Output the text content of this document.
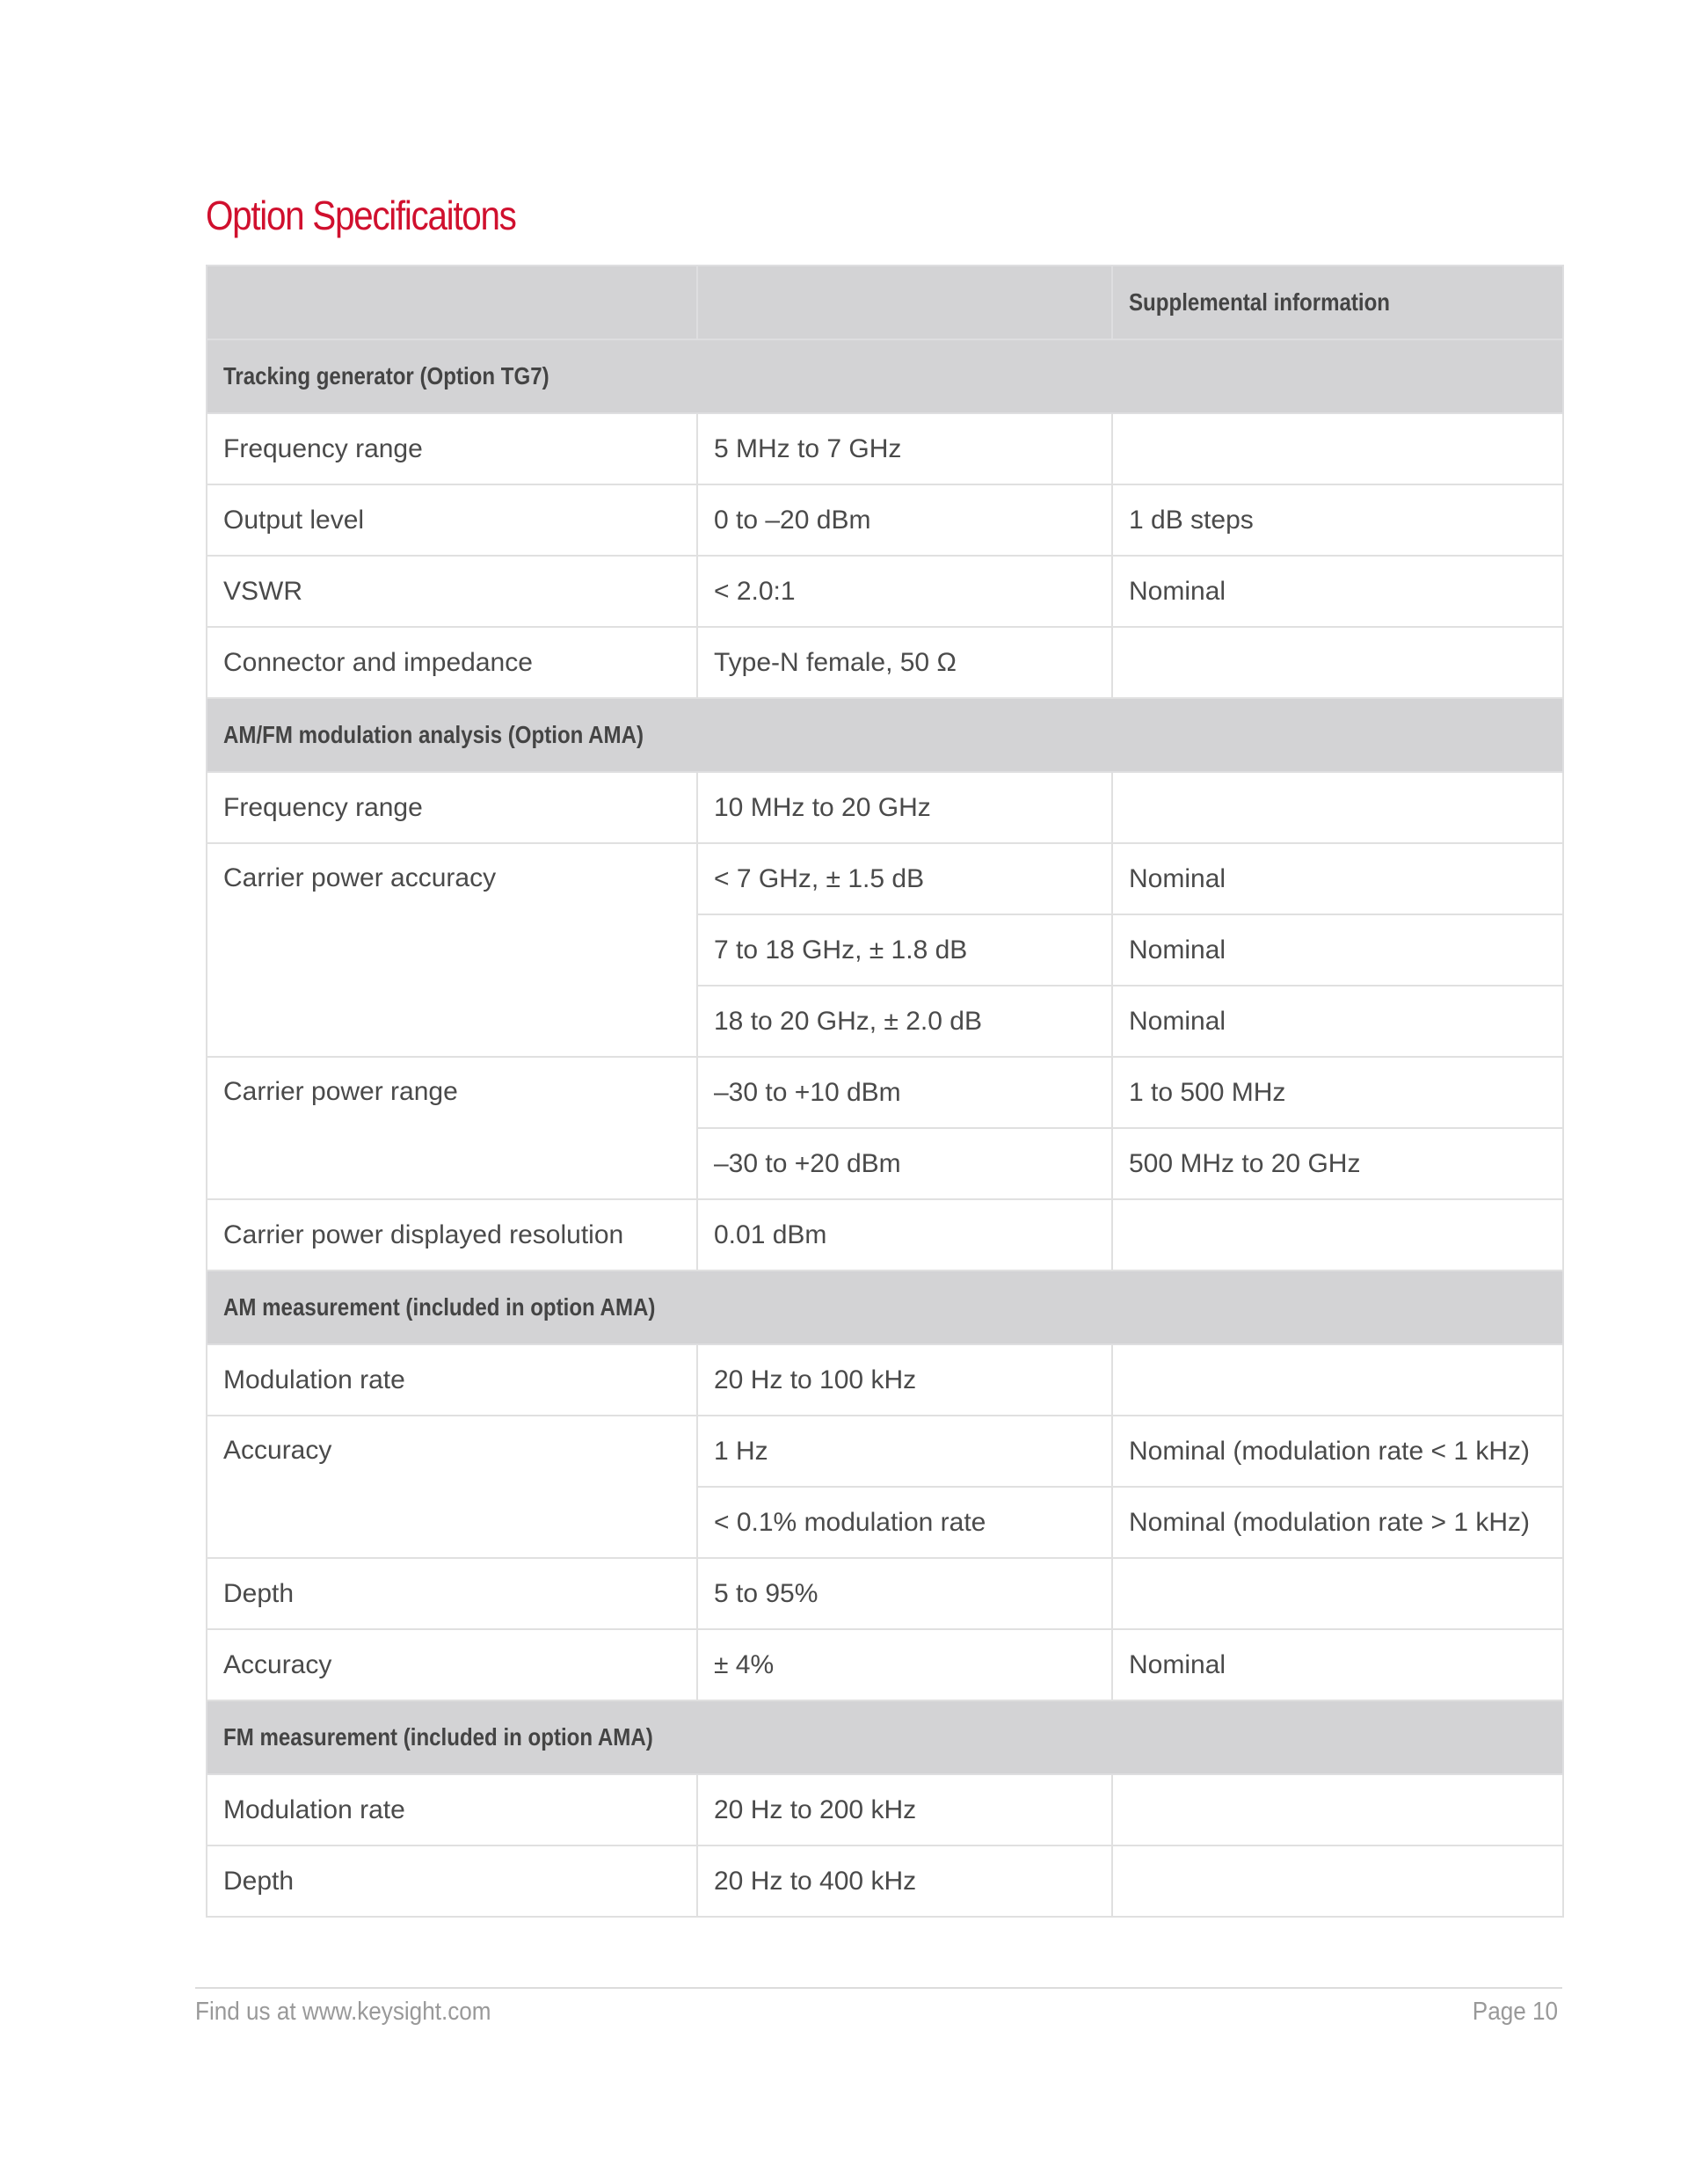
Option Specificaitons
		Supplemental information
Tracking generator (Option TG7)		
Frequency range	5 MHz to 7 GHz	
Output level	0 to –20 dBm	1 dB steps
VSWR	< 2.0:1	Nominal
Connector and impedance	Type-N female, 50 Ω	
AM/FM modulation analysis (Option AMA)		
Frequency range	10 MHz to 20 GHz	
Carrier power accuracy	< 7 GHz, ± 1.5 dB	Nominal
	7 to 18 GHz, ± 1.8 dB	Nominal
	18 to 20 GHz, ± 2.0 dB	Nominal
Carrier power range	–30 to +10 dBm	1 to 500 MHz
	–30 to +20 dBm	500 MHz to 20 GHz
Carrier power displayed resolution	0.01 dBm	
AM measurement (included in option AMA)		
Modulation rate	20 Hz to 100 kHz	
Accuracy	1 Hz	Nominal (modulation rate < 1 kHz)
	< 0.1% modulation rate	Nominal (modulation rate > 1 kHz)
Depth	5 to 95%	
Accuracy	± 4%	Nominal
FM measurement (included in option AMA)		
Modulation rate	20 Hz to 200 kHz	
Depth	20 Hz to 400 kHz	
Find us at www.keysight.com	Page 10
